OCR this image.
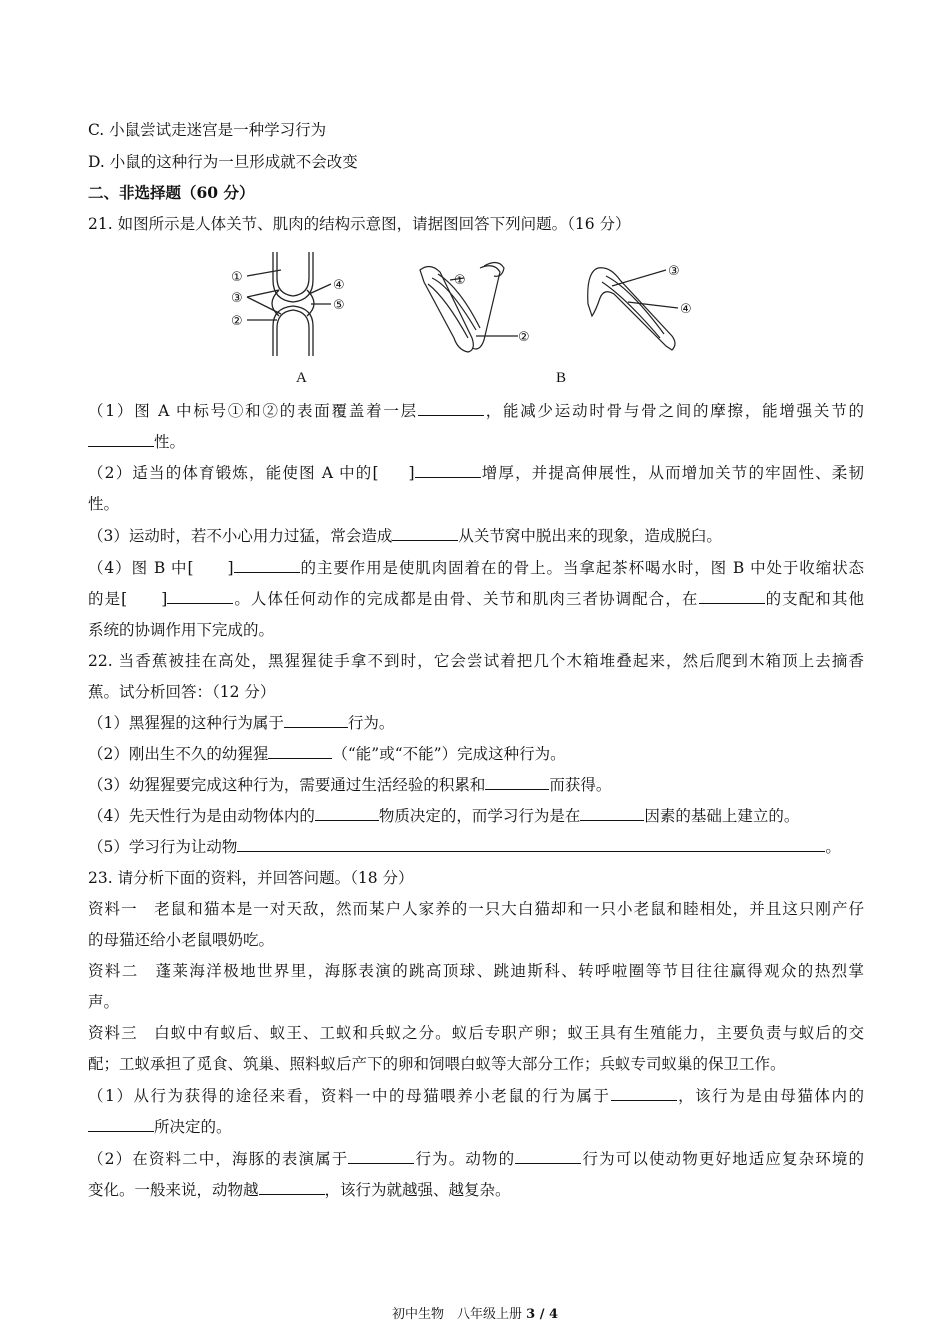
C. 小鼠尝试走迷宫是一种学习行为
D. 小鼠的这种行为一旦形成就不会改变
二、非选择题（60 分）
21. 如图所示是人体关节、肌肉的结构示意图，请据图回答下列问题。（16 分）
①
③
②
④
⑤
①
②
③
④
A	B
（1）图 A 中标号①和②的表面覆盖着一层	，能减少运动时骨与骨之间的摩擦，能增强关节的
性。
（2）适当的体育锻炼，能使图 A 中的[ ]	增厚，并提高伸展性，从而增加关节的牢固性、柔韧
性。
（3）运动时，若不小心用力过猛，常会造成	从关节窝中脱出来的现象，造成脱臼。
（4）图 B 中[ ]	的主要作用是使肌肉固着在的骨上。当拿起茶杯喝水时，图 B 中处于收缩状态
的是[ ]	。人体任何动作的完成都是由骨、关节和肌肉三者协调配合，在	的支配和其他
系统的协调作用下完成的。
22. 当香蕉被挂在高处，黑猩猩徒手拿不到时，它会尝试着把几个木箱堆叠起来，然后爬到木箱顶上去摘香
蕉。试分析回答：（12 分）
（1）黑猩猩的这种行为属于	行为。
（2）刚出生不久的幼猩猩	（“能”或“不能”）完成这种行为。
（3）幼猩猩要完成这种行为，需要通过生活经验的积累和	而获得。
（4）先天性行为是由动物体内的	物质决定的，而学习行为是在	因素的基础上建立的。
（5）学习行为让动物	。
23. 请分析下面的资料，并回答问题。（18 分）
资料一　老鼠和猫本是一对天敌，然而某户人家养的一只大白猫却和一只小老鼠和睦相处，并且这只刚产仔
的母猫还给小老鼠喂奶吃。
资料二　蓬莱海洋极地世界里，海豚表演的跳高顶球、跳迪斯科、转呼啦圈等节目往往赢得观众的热烈掌
声。
资料三　白蚁中有蚁后、蚁王、工蚁和兵蚁之分。蚁后专职产卵；蚁王具有生殖能力，主要负责与蚁后的交
配；工蚁承担了觅食、筑巢、照料蚁后产下的卵和饲喂白蚁等大部分工作；兵蚁专司蚁巢的保卫工作。
（1）从行为获得的途径来看，资料一中的母猫喂养小老鼠的行为属于	，该行为是由母猫体内的
所决定的。
（2）在资料二中，海豚的表演属于	行为。动物的	行为可以使动物更好地适应复杂环境的
变化。一般来说，动物越	，该行为就越强、越复杂。
初中生物　八年级上册 3 / 4
